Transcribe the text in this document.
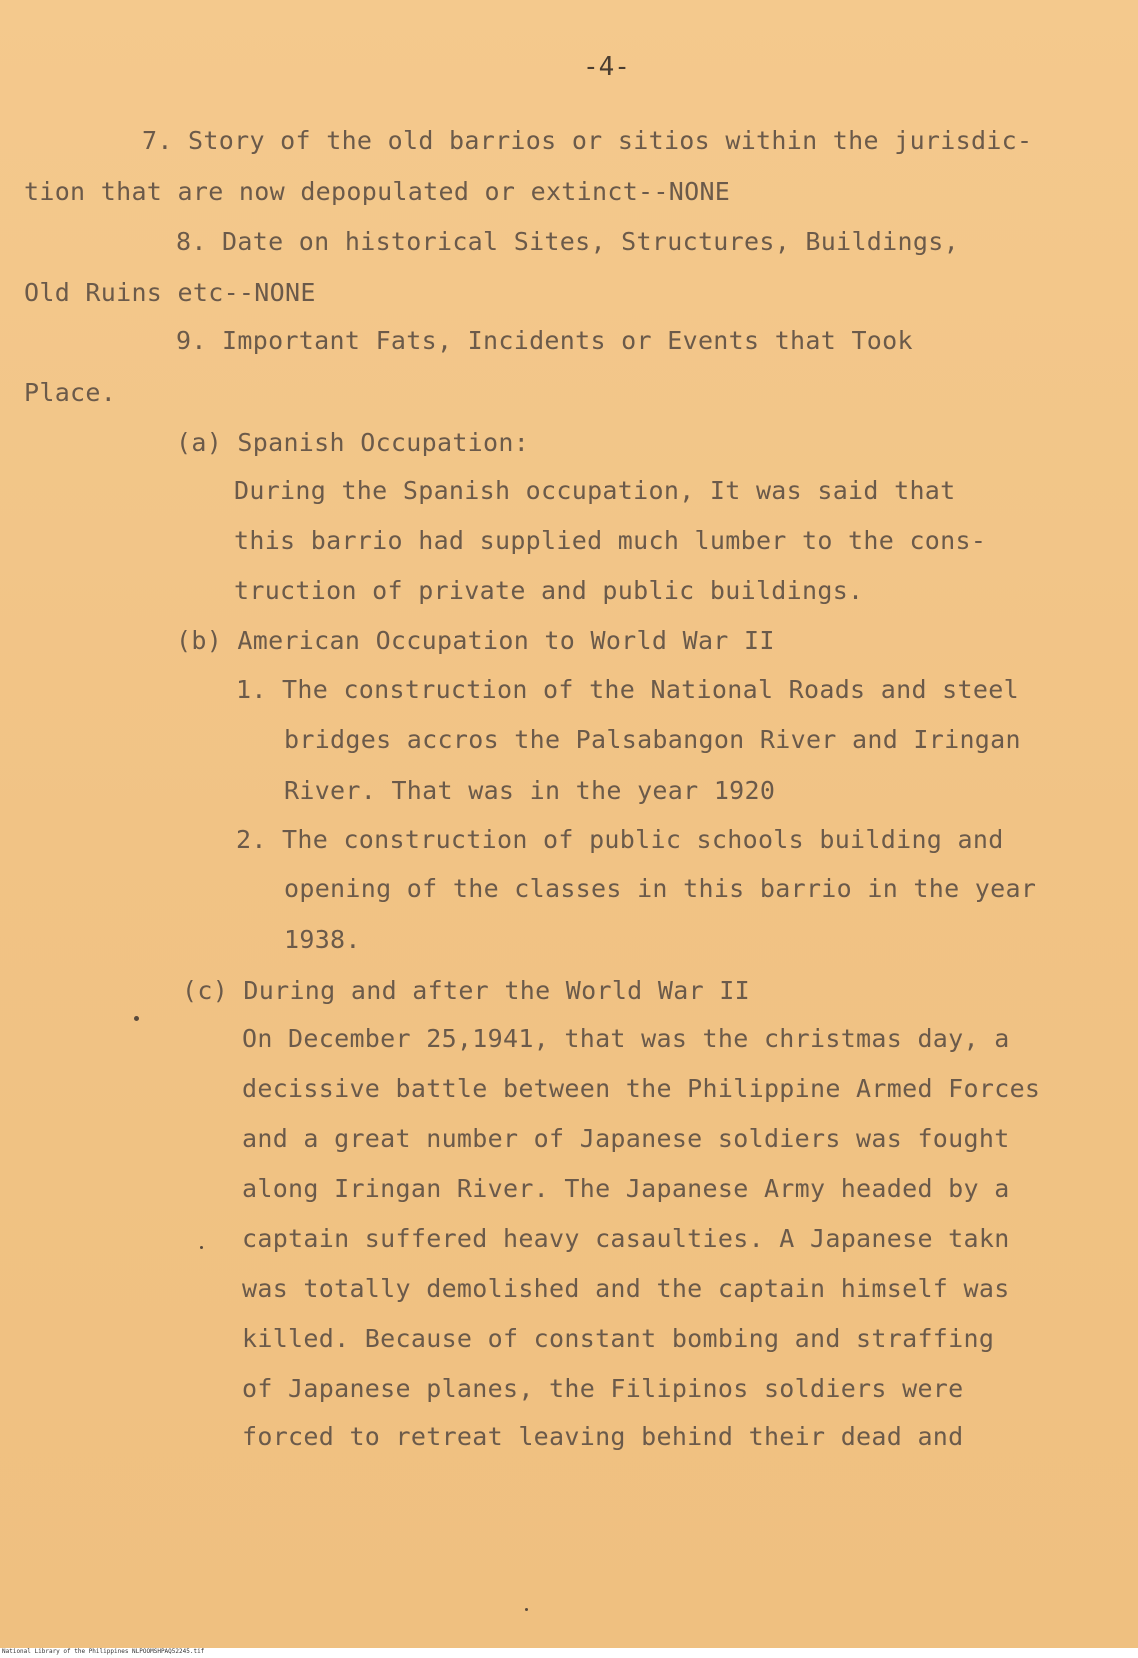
-4-
7. Story of the old barrios or sitios within the jurisdic-
tion that are now depopulated or extinct--NONE
8. Date on historical Sites, Structures, Buildings,
Old Ruins etc--NONE
9. Important Fats, Incidents or Events that Took
Place.
(a) Spanish Occupation:
During the Spanish occupation, It was said that
this barrio had supplied much lumber to the cons-
truction of private and public buildings.
(b) American Occupation to World War II
1. The construction of the National Roads and steel
bridges accros the Palsabangon River and Iringan
River. That was in the year 1920
2. The construction of public schools building and
opening of the classes in this barrio in the year
1938.
(c) During and after the World War II
On December 25,1941, that was the christmas day, a
decissive battle between the Philippine Armed Forces
and a great number of Japanese soldiers was fought
along Iringan River. The Japanese Army headed by a
captain suffered heavy casaulties. A Japanese takn
was totally demolished and the captain himself was
killed. Because of constant bombing and straffing
of Japanese planes, the Filipinos soldiers were
forced to retreat leaving behind their dead and
National Library of the Philippines NLPOOMSHPAQ52245.tif
